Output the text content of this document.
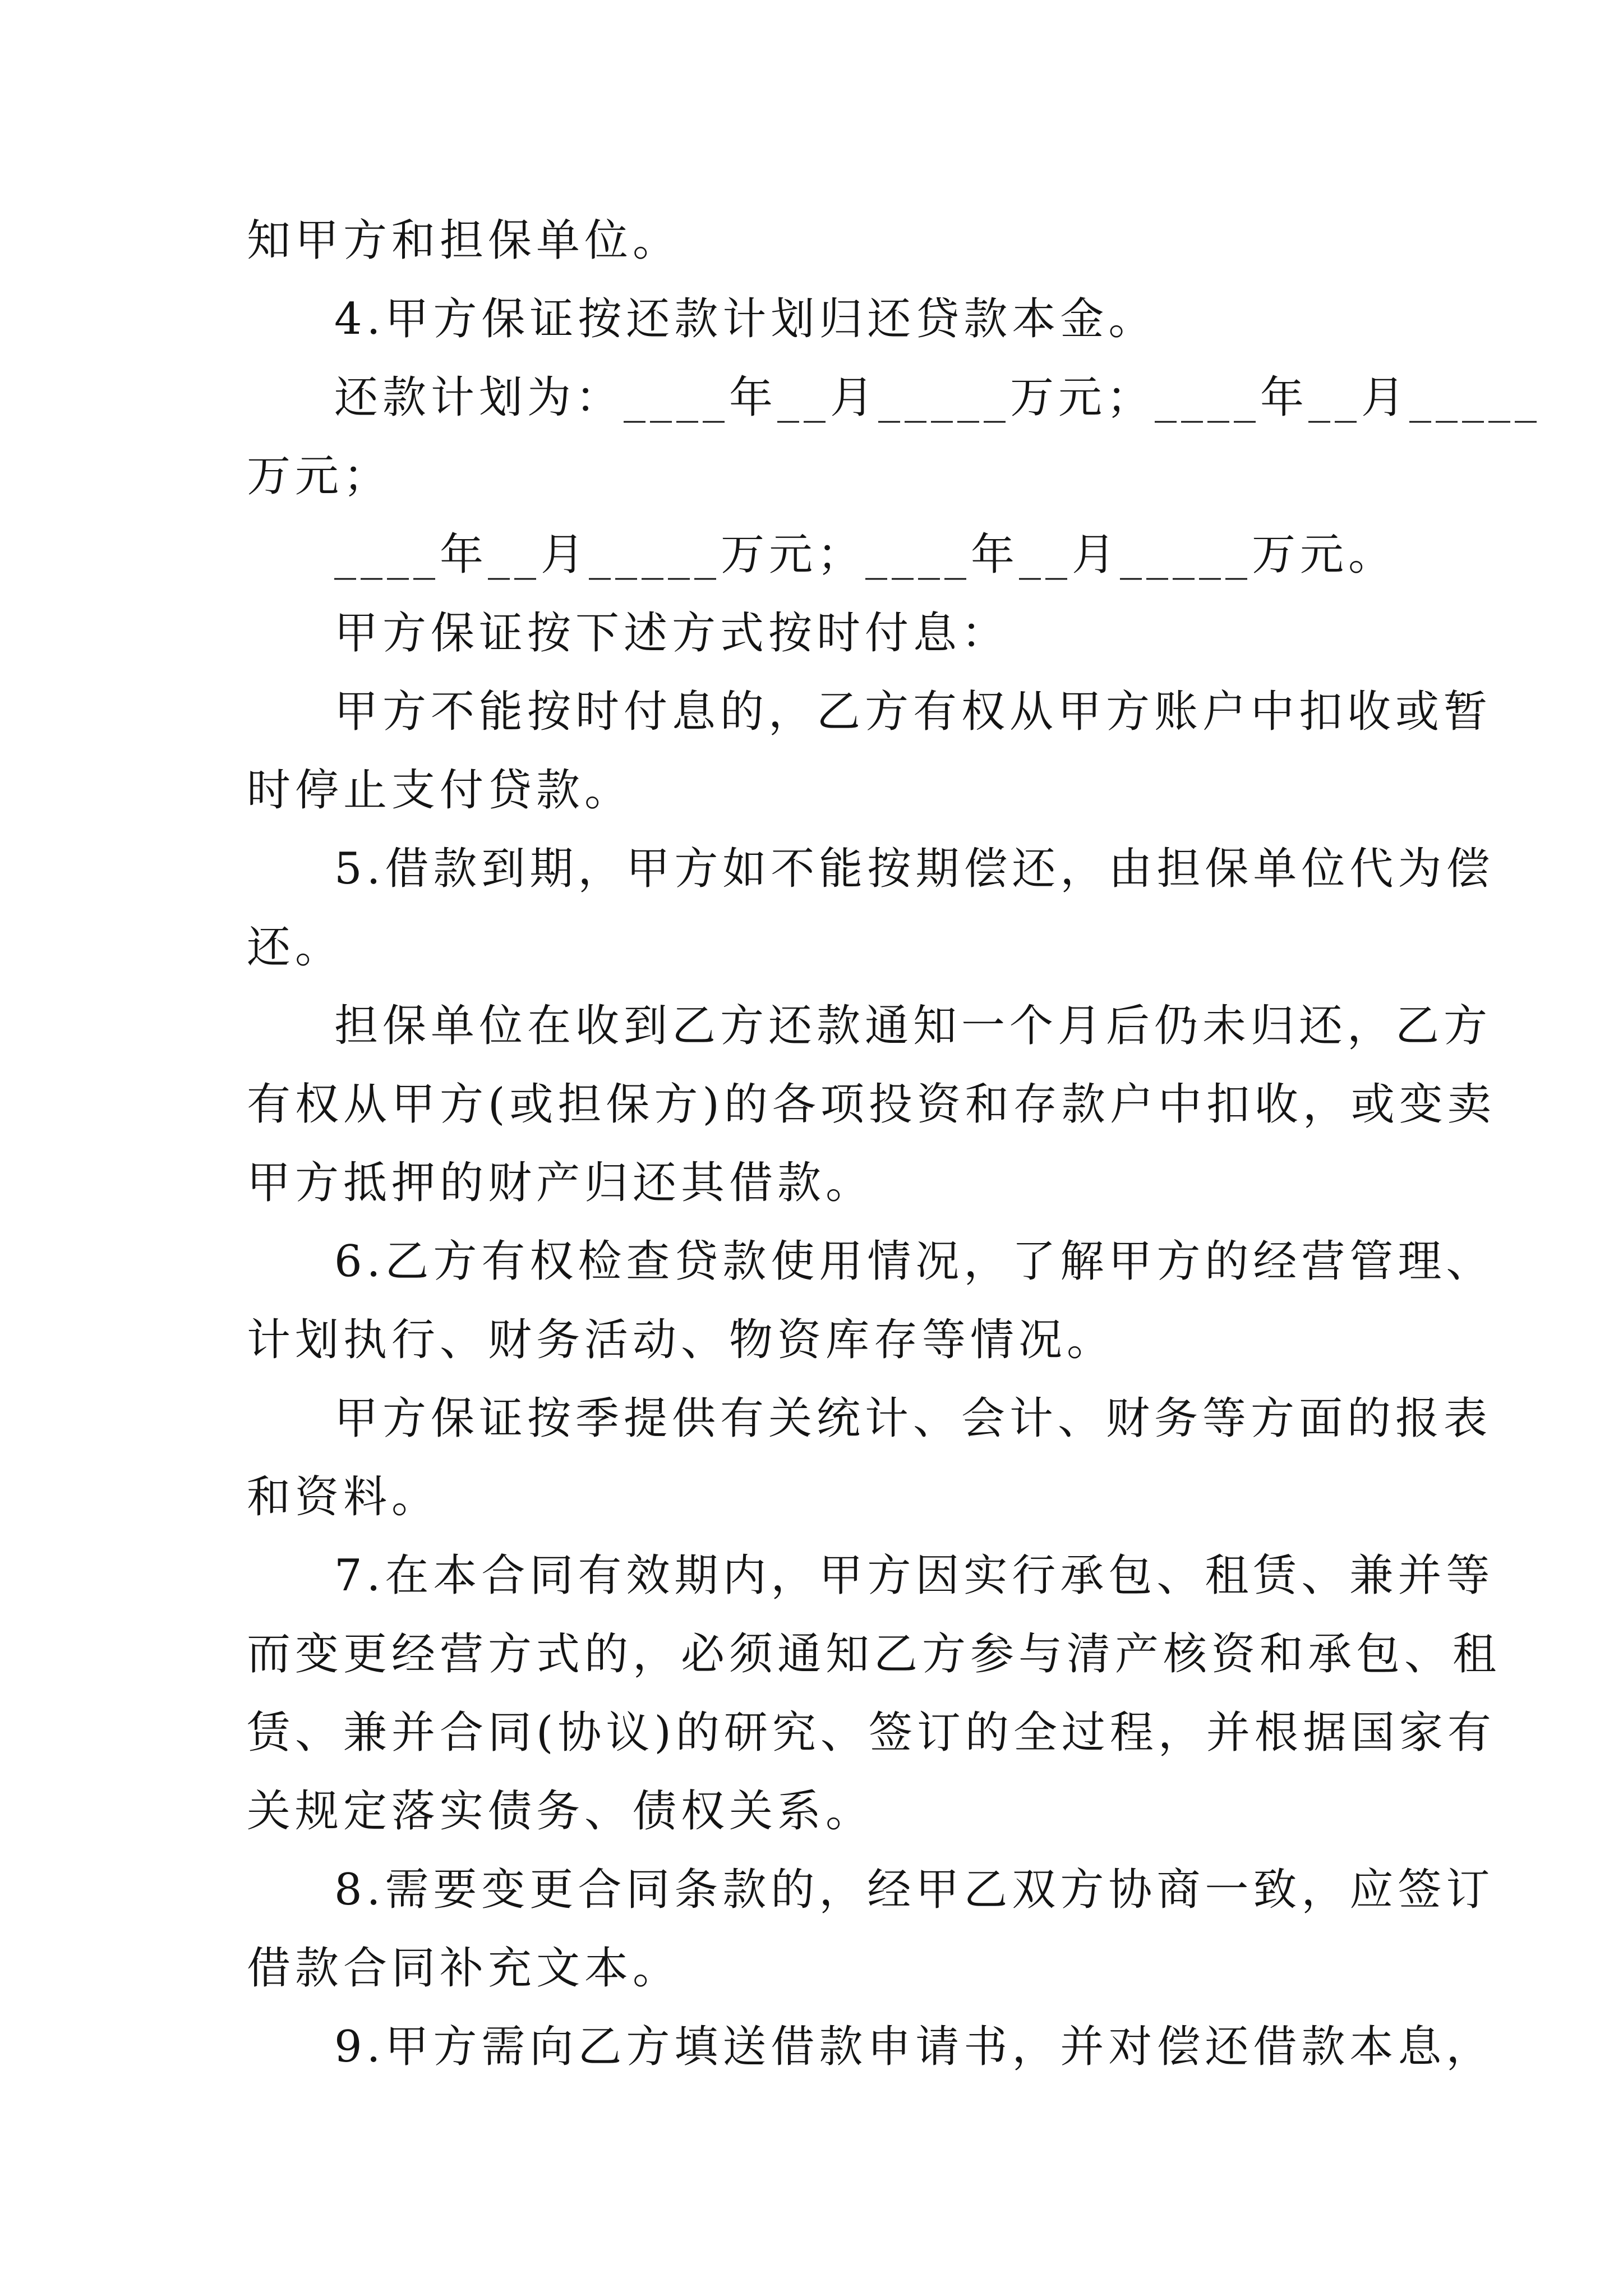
知甲方和担保单位。
4.甲方保证按还款计划归还贷款本金。
还款计划为：____年__月_____万元；____年__月_____
万元；
____年__月_____万元；____年__月_____万元。
甲方保证按下述方式按时付息：
甲方不能按时付息的，乙方有权从甲方账户中扣收或暂
时停止支付贷款。
5.借款到期，甲方如不能按期偿还，由担保单位代为偿
还。
担保单位在收到乙方还款通知一个月后仍未归还，乙方
有权从甲方(或担保方)的各项投资和存款户中扣收，或变卖
甲方抵押的财产归还其借款。
6.乙方有权检查贷款使用情况，了解甲方的经营管理、
计划执行、财务活动、物资库存等情况。
甲方保证按季提供有关统计、会计、财务等方面的报表
和资料。
7.在本合同有效期内，甲方因实行承包、租赁、兼并等
而变更经营方式的，必须通知乙方参与清产核资和承包、租
赁、兼并合同(协议)的研究、签订的全过程，并根据国家有
关规定落实债务、债权关系。
8.需要变更合同条款的，经甲乙双方协商一致，应签订
借款合同补充文本。
9.甲方需向乙方填送借款申请书，并对偿还借款本息，
